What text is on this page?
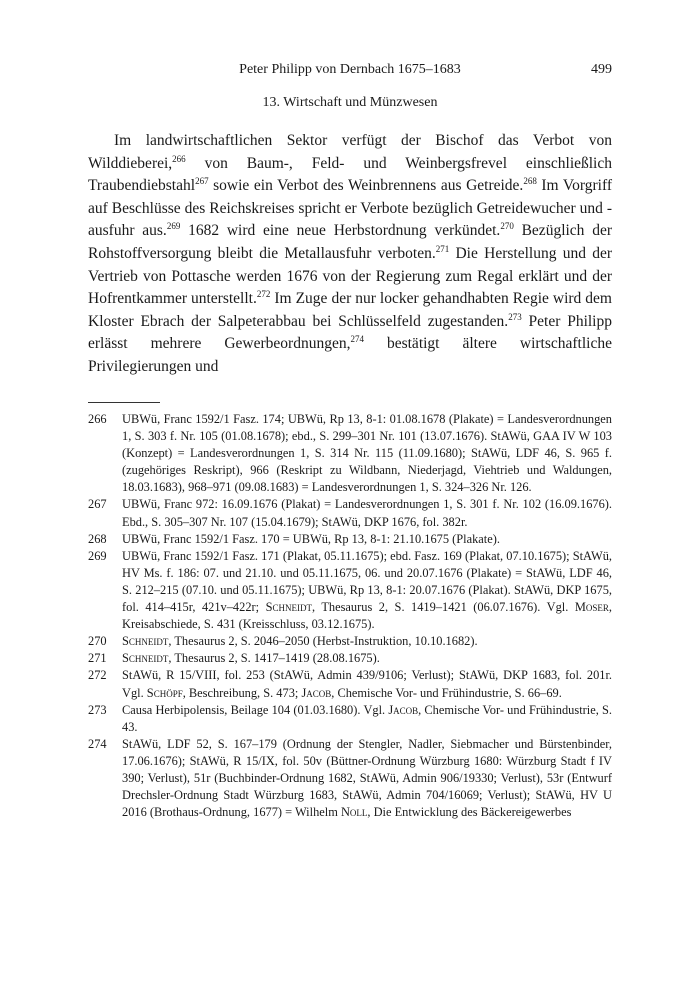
Peter Philipp von Dernbach 1675–1683	499
13. Wirtschaft und Münzwesen

Im landwirtschaftlichen Sektor verfügt der Bischof das Verbot von Wilddieberei,$^{266}$ von Baum-, Feld- und Weinbergsfrevel einschließlich Traubendiebstahl$^{267}$ sowie ein Verbot des Weinbrennens aus Getreide.$^{268}$ Im Vorgriff auf Beschlüsse des Reichskreises spricht er Verbote bezüglich Getreidewucher und -ausfuhr aus.$^{269}$ 1682 wird eine neue Herbstordnung verkündet.$^{270}$ Bezüglich der Rohstoffversorgung bleibt die Metallausfuhr verboten.$^{271}$ Die Herstellung und der Vertrieb von Pottasche werden 1676 von der Regierung zum Regal erklärt und der Hofrentkammer unterstellt.$^{272}$ Im Zuge der nur locker gehandhabten Regie wird dem Kloster Ebrach der Salpeterabbau bei Schlüsselfeld zugestanden.$^{273}$ Peter Philipp erlässt mehrere Gewerbeordnungen,$^{274}$ bestätigt ältere wirtschaftliche Privilegierungen und

266 UBWü, Franc 1592/1 Fasz. 174; UBWü, Rp 13, 8-1: 01.08.1678 (Plakate) = Landesverordnungen 1, S. 303 f. Nr. 105 (01.08.1678); ebd., S. 299–301 Nr. 101 (13.07.1676). StAWü, GAA IV W 103 (Konzept) = Landesverordnungen 1, S. 314 Nr. 115 (11.09.1680); StAWü, LDF 46, S. 965 f. (zugehöriges Reskript), 966 (Reskript zu Wildbann, Niederjagd, Viehtrieb und Waldungen, 18.03.1683), 968–971 (09.08.1683) = Landesverordnungen 1, S. 324–326 Nr. 126.
267 UBWü, Franc 972: 16.09.1676 (Plakat) = Landesverordnungen 1, S. 301 f. Nr. 102 (16.09.1676). Ebd., S. 305–307 Nr. 107 (15.04.1679); StAWü, DKP 1676, fol. 382r.
268 UBWü, Franc 1592/1 Fasz. 170 = UBWü, Rp 13, 8-1: 21.10.1675 (Plakate).
269 UBWü, Franc 1592/1 Fasz. 171 (Plakat, 05.11.1675); ebd. Fasz. 169 (Plakat, 07.10.1675); StAWü, HV Ms. f. 186: 07. und 21.10. und 05.11.1675, 06. und 20.07.1676 (Plakate) = StAWü, LDF 46, S. 212–215 (07.10. und 05.11.1675); UBWü, Rp 13, 8-1: 20.07.1676 (Plakat). StAWü, DKP 1675, fol. 414–415r, 421v–422r; Schneidt, Thesaurus 2, S. 1419–1421 (06.07.1676). Vgl. Moser, Kreisabschiede, S. 431 (Kreisschluss, 03.12.1675).
270 Schneidt, Thesaurus 2, S. 2046–2050 (Herbst-Instruktion, 10.10.1682).
271 Schneidt, Thesaurus 2, S. 1417–1419 (28.08.1675).
272 StAWü, R 15/VIII, fol. 253 (StAWü, Admin 439/9106; Verlust); StAWü, DKP 1683, fol. 201r. Vgl. Schöpf, Beschreibung, S. 473; Jacob, Chemische Vor- und Frühindustrie, S. 66–69.
273 Causa Herbipolensis, Beilage 104 (01.03.1680). Vgl. Jacob, Chemische Vor- und Frühindustrie, S. 43.
274 StAWü, LDF 52, S. 167–179 (Ordnung der Stengler, Nadler, Siebmacher und Bürstenbinder, 17.06.1676); StAWü, R 15/IX, fol. 50v (Büttner-Ordnung Würzburg 1680: Würzburg Stadt f IV 390; Verlust), 51r (Buchbinder-Ordnung 1682, StAWü, Admin 906/19330; Verlust), 53r (Entwurf Drechsler-Ordnung Stadt Würzburg 1683, StAWü, Admin 704/16069; Verlust); StAWü, HV U 2016 (Brothaus-Ordnung, 1677) = Wilhelm Noll, Die Entwicklung des Bäckereigewerbes
